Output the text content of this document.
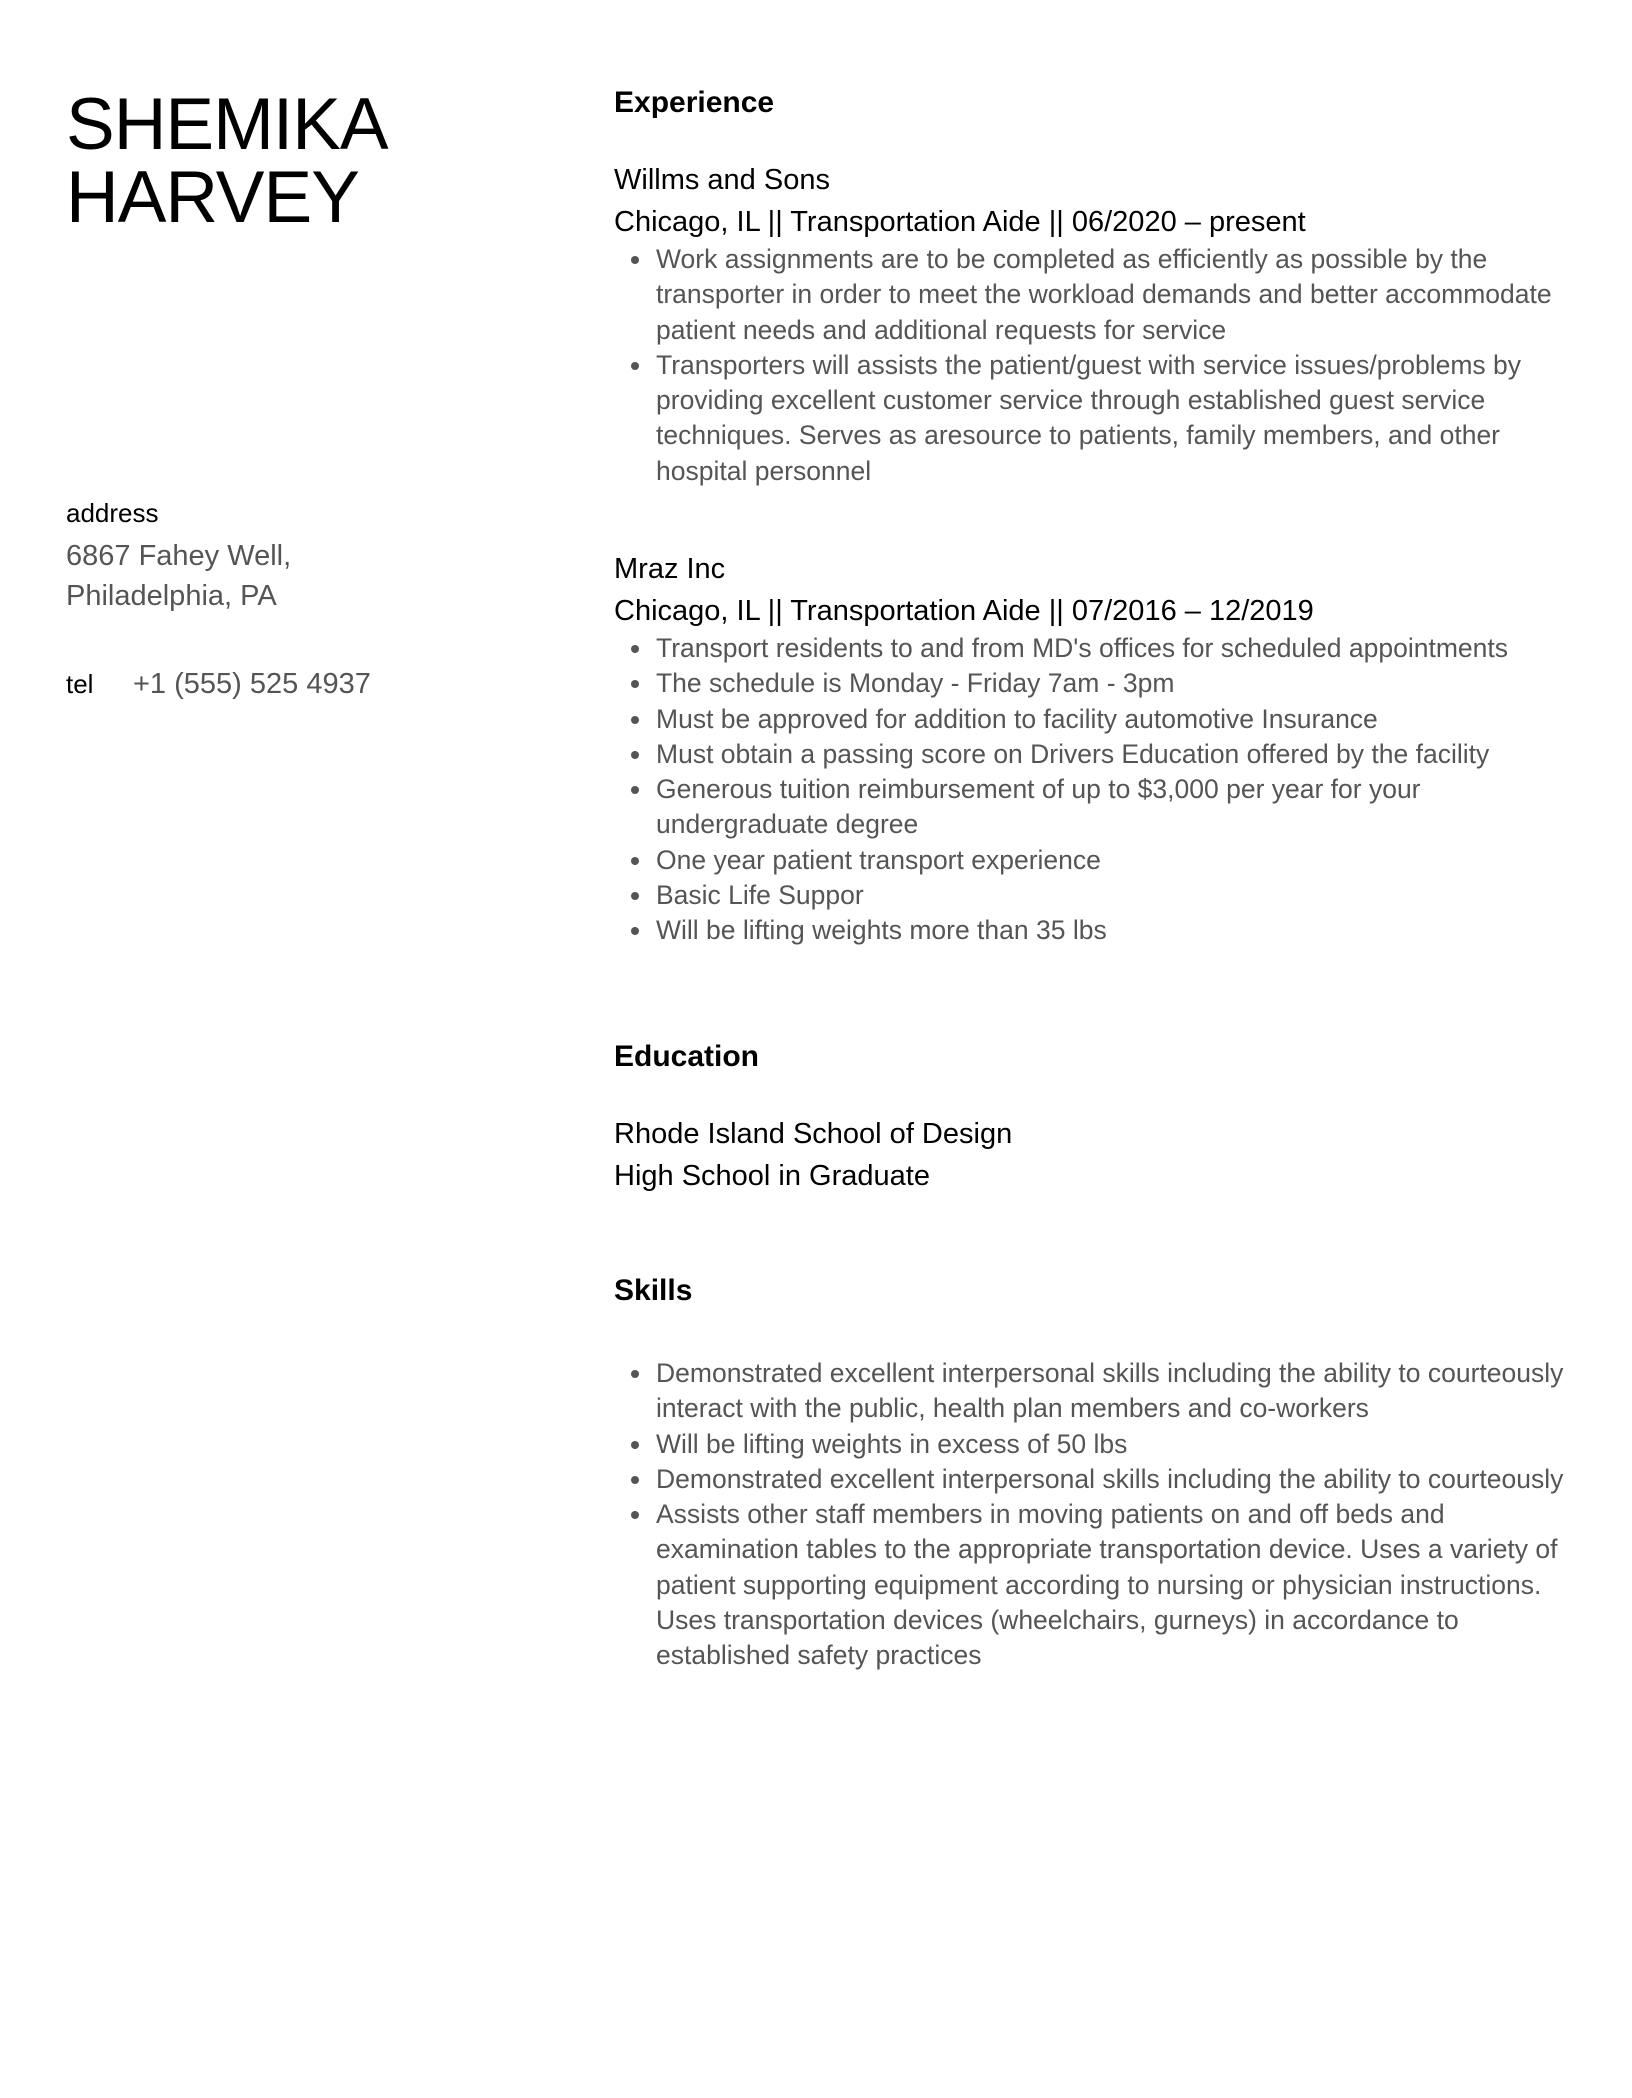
SHEMIKA
HARVEY
address
6867 Fahey Well,
Philadelphia, PA
tel	+1 (555) 525 4937
Experience
Willms and Sons
Chicago, IL || Transportation Aide || 06/2020 – present
Work assignments are to be completed as efficiently as possible by the transporter in order to meet the workload demands and better accommodate patient needs and additional requests for service
Transporters will assists the patient/guest with service issues/problems by providing excellent customer service through established guest service techniques. Serves as aresource to patients, family members, and other hospital personnel
Mraz Inc
Chicago, IL || Transportation Aide || 07/2016 – 12/2019
Transport residents to and from MD's offices for scheduled appointments
The schedule is Monday - Friday 7am - 3pm
Must be approved for addition to facility automotive Insurance
Must obtain a passing score on Drivers Education offered by the facility
Generous tuition reimbursement of up to $3,000 per year for your undergraduate degree
One year patient transport experience
Basic Life Suppor
Will be lifting weights more than 35 lbs
Education
Rhode Island School of Design
High School in Graduate
Skills
Demonstrated excellent interpersonal skills including the ability to courteously interact with the public, health plan members and co-workers
Will be lifting weights in excess of 50 lbs
Demonstrated excellent interpersonal skills including the ability to courteously
Assists other staff members in moving patients on and off beds and examination tables to the appropriate transportation device. Uses a variety of patient supporting equipment according to nursing or physician instructions. Uses transportation devices (wheelchairs, gurneys) in accordance to established safety practices
